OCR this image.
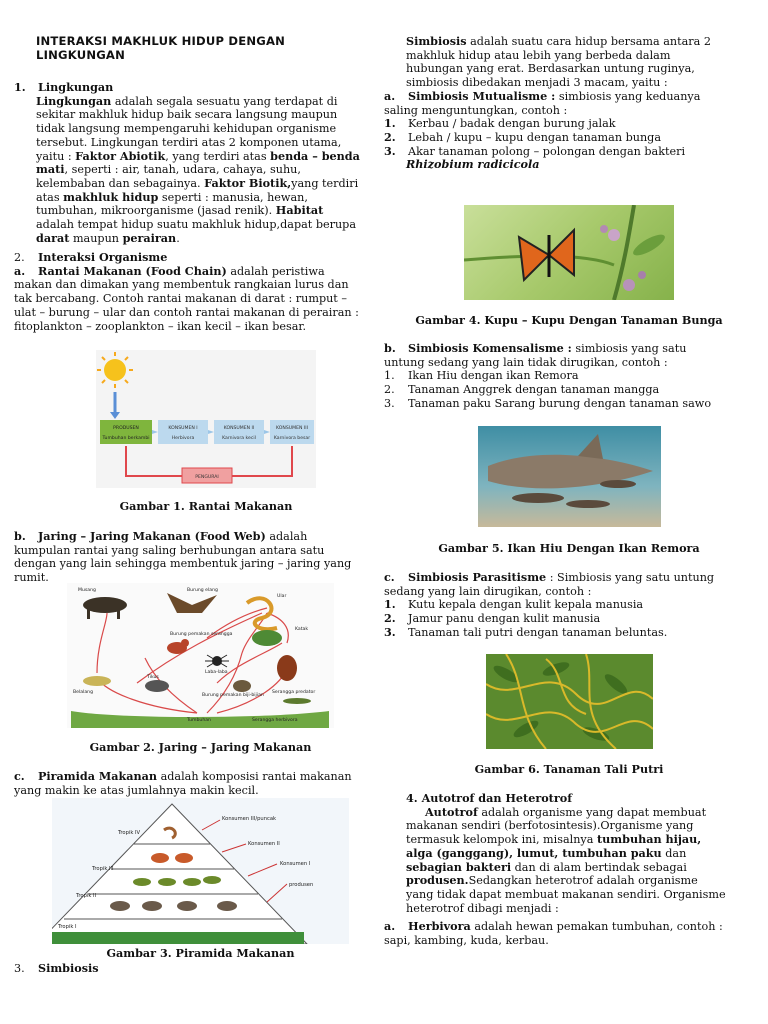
INTERAKSI MAKHLUK HIDUP DENGAN
LINGKUNGAN
1. Lingkungan

Lingkungan adalah segala sesuatu yang terdapat di sekitar makhluk hidup baik secara langsung maupun tidak langsung mempengaruhi kehidupan organisme tersebut. Lingkungan terdiri atas 2 komponen utama, yaitu : Faktor Abiotik, yang terdiri atas benda – benda mati, seperti : air, tanah, udara, cahaya, suhu, kelembaban dan sebagainya. Faktor Biotik,yang terdiri atas makhluk hidup seperti : manusia, hewan, tumbuhan, mikroorganisme (jasad renik). Habitat adalah tempat hidup suatu makhluk hidup,dapat berupa darat maupun perairan.

2. Interaksi Organisme

a. Rantai Makanan (Food Chain) adalah peristiwa makan dan dimakan yang membentuk rangkaian lurus dan tak bercabang. Contoh rantai makanan di darat : rumput – ulat – burung – ular dan contoh rantai makanan di perairan : fitoplankton – zooplankton – ikan kecil – ikan besar.

PRODUSEN
Tumbuhan berkambi
KONSUMEN I
Herbivora
KONSUMEN II
Karnivora kecil
KONSUMEN III
Karnivora besar
PENGURAI
Gambar 1. Rantai Makanan

b. Jaring – Jaring Makanan (Food Web) adalah kumpulan rantai yang saling berhubungan antara satu dengan yang lain sehingga membentuk jaring – jaring yang rumit.

Musang	Burung elang
Ular
Burung pemakan serangga
Katak
Laba-laba
Tikus
Belalang
Burung pemakan biji-bijian
Serangga predator
Tumbuhan	Serangga herbivora
Gambar 2. Jaring – Jaring Makanan

c. Piramida Makanan adalah komposisi rantai makanan yang makin ke atas jumlahnya makin kecil.

Tropik IV
Tropik III
Tropik II
Tropik I
Konsumen III/puncak
Konsumen II
Konsumen I
produsen
Gambar 3. Piramida Makanan
3. Simbiosis

Simbiosis adalah suatu cara hidup bersama antara 2 makhluk hidup atau lebih yang berbeda dalam hubungan yang erat. Berdasarkan untung ruginya, simbiosis dibedakan menjadi 3 macam, yaitu :

a. Simbiosis Mutualisme : simbiosis yang keduanya saling menguntungkan, contoh :

1. Kerbau / badak dengan burung jalak
2. Lebah / kupu – kupu dengan tanaman bunga
3. Akar tanaman polong – polongan dengan bakteri
Rhizobium radicicola
Gambar 4. Kupu – Kupu Dengan Tanaman Bunga

b. Simbiosis Komensalisme : simbiosis yang satu untung sedang yang lain tidak dirugikan, contoh :

1. Ikan Hiu dengan ikan Remora
2. Tanaman Anggrek dengan tanaman mangga
3. Tanaman paku Sarang burung dengan tanaman sawo
Gambar 5. Ikan Hiu Dengan Ikan Remora

c. Simbiosis Parasitisme : Simbiosis yang satu untung sedang yang lain dirugikan, contoh :

1. Kutu kepala dengan kulit kepala manusia
2. Jamur panu dengan kulit manusia
3. Tanaman tali putri dengan tanaman beluntas.
Gambar 6. Tanaman Tali Putri
4. Autotrof dan Heterotrof

Autotrof adalah organisme yang dapat membuat makanan sendiri (berfotosintesis).Organisme yang termasuk kelompok ini, misalnya tumbuhan hijau, alga (ganggang), lumut, tumbuhan paku dan sebagian bakteri dan di alam bertindak sebagai produsen.Sedangkan heterotrof adalah organisme yang tidak dapat membuat makanan sendiri. Organisme heterotrof dibagi menjadi :

a. Herbivora adalah hewan pemakan tumbuhan, contoh : sapi, kambing, kuda, kerbau.
